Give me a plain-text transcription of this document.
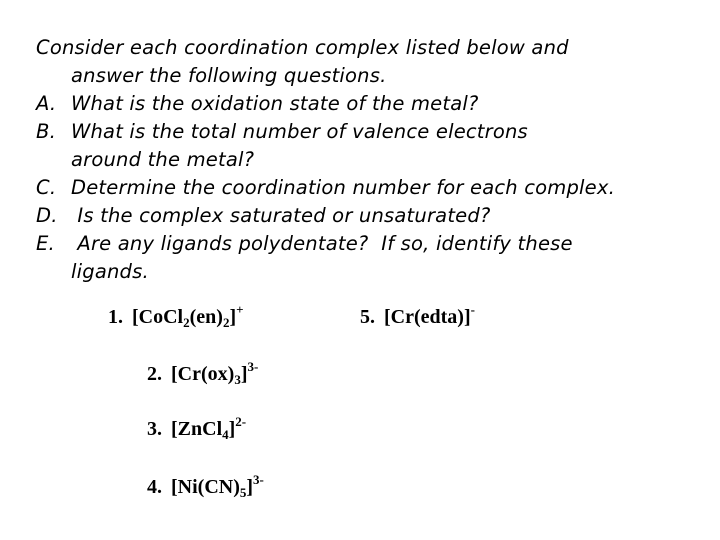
Consider each coordination complex listed below and
answer the following questions.
A. What is the oxidation state of the metal?
B. What is the total number of valence electrons
around the metal?
C. Determine the coordination number for each complex.
D. Is the complex saturated or unsaturated?
E. Are any ligands polydentate?  If so, identify these
ligands.
1. $[CoCl_2(en)_2]^+$
2. $[Cr(ox)_3]^{3-}$
3. [ZnCl$_4$]$^{2-}$
4. $[Ni(CN)_5]^{3-}$
5. [Cr(edta)]-
